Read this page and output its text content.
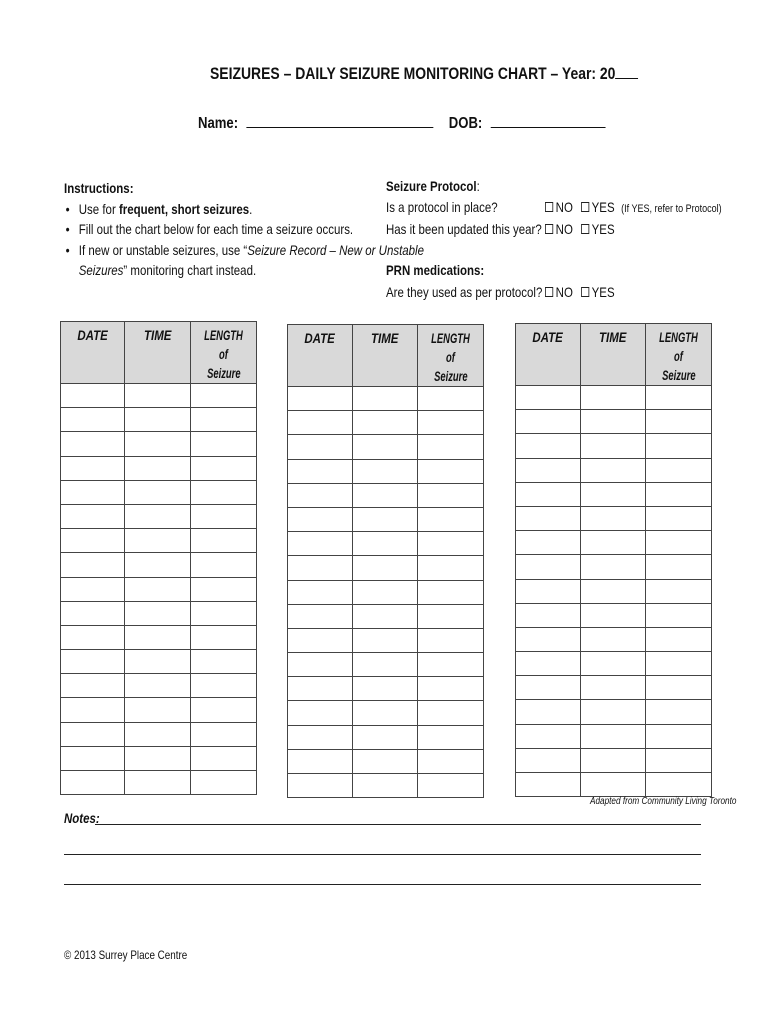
SEIZURES – DAILY SEIZURE MONITORING CHART – Year: 20
Name:	DOB:
Instructions:
• Use for frequent, short seizures.
• Fill out the chart below for each time a seizure occurs.
• If new or unstable seizures, use “Seizure Record – New or Unstable
Seizures” monitoring chart instead.
Seizure Protocol:
Is a protocol in place?
Has it been updated this year?
PRN medications:
Are they used as per protocol?
NO YES (If YES, refer to Protocol)
NO YES
NO YES
DATE	TIME	LENGTH of
Seizure

DATE	TIME	LENGTH of
Seizure

DATE	TIME	LENGTH of
Seizure

Adapted from Community Living Toronto
Notes:
© 2013 Surrey Place Centre
